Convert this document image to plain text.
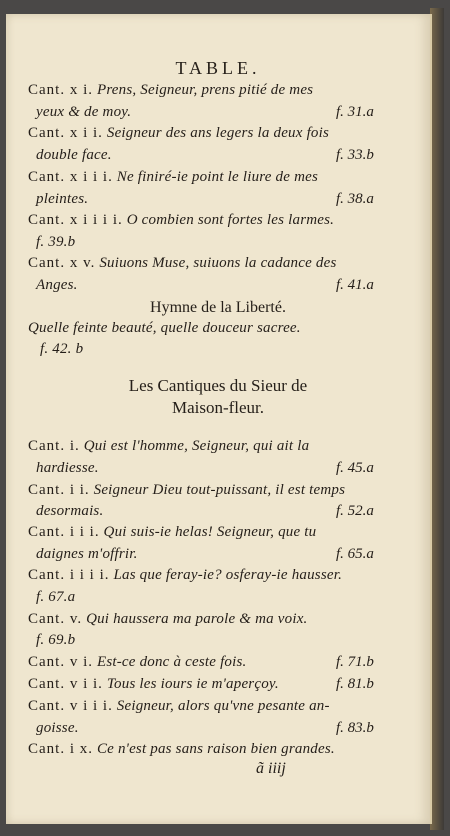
TABLE.
Cant. x i. Prens, Seigneur, prens pitié de mes
yeux & de moy.	f. 31.a
Cant. x i i. Seigneur des ans legers la deux fois
double face.	f. 33.b
Cant. x i i i. Ne finiré-ie point le liure de mes
pleintes.	f. 38.a
Cant. x i i i i. O combien sont fortes les larmes.
f. 39.b
Cant. x v. Suiuons Muse, suiuons la cadance des
Anges.	f. 41.a
Hymne de la Liberté.
Quelle feinte beauté, quelle douceur sacree.
f. 42. b
Les Cantiques du Sieur de
Maison-fleur.
Cant. i. Qui est l'homme, Seigneur, qui ait la
hardiesse.	f. 45.a
Cant. i i. Seigneur Dieu tout-puissant, il est temps
desormais.	f. 52.a
Cant. i i i. Qui suis-ie helas! Seigneur, que tu
daignes m'offrir.	f. 65.a
Cant. i i i i. Las que feray-ie? osferay-ie hausser.
f. 67.a
Cant. v. Qui haussera ma parole & ma voix.
f. 69.b
Cant. v i. Est-ce donc à ceste fois.	f. 71.b
Cant. v i i. Tous les iours ie m'aperçoy.	f. 81.b
Cant. v i i i. Seigneur, alors qu'vne pesante an-
goisse.	f. 83.b
Cant. i x. Ce n'est pas sans raison bien grandes.
ã iiij
